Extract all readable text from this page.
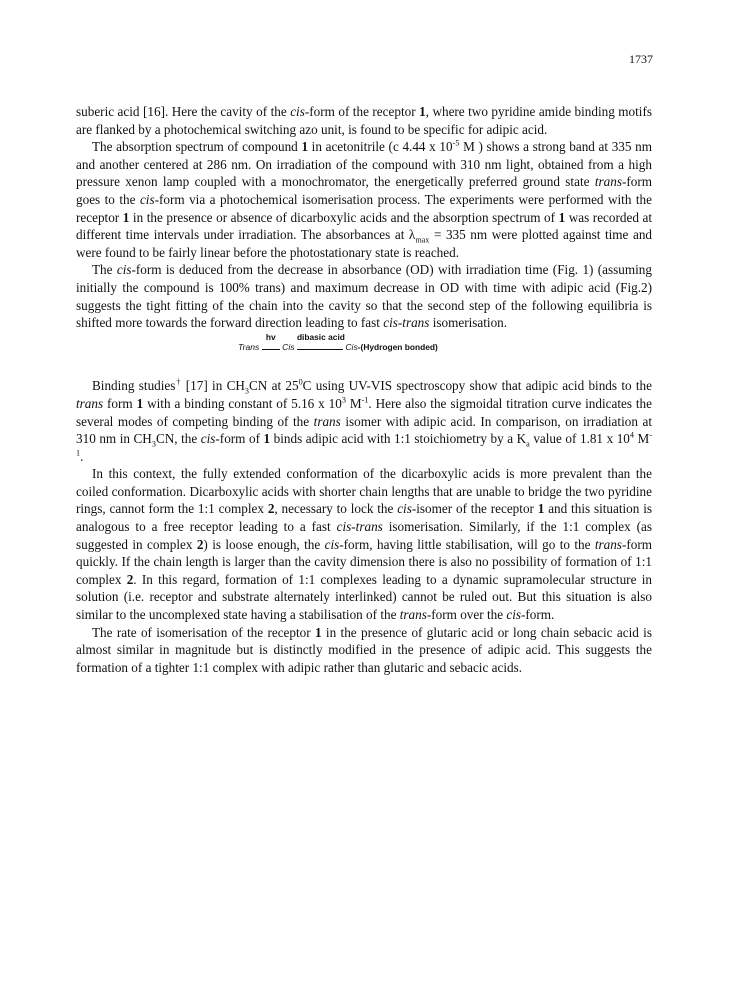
1737

suberic acid [16]. Here the cavity of the cis-form of the receptor 1, where two pyridine amide binding motifs are flanked by a photochemical switching azo unit, is found to be specific for adipic acid.

The absorption spectrum of compound 1 in acetonitrile (c 4.44 x $10^{-5}$ M ) shows a strong band at 335 nm and another centered at 286 nm. On irradiation of the compound with 310 nm light, obtained from a high pressure xenon lamp coupled with a monochromator, the energetically preferred ground state trans-form goes to the cis-form via a photochemical isomerisation process. The experiments were performed with the receptor 1 in the presence or absence of dicarboxylic acids and the absorption spectrum of 1 was recorded at different time intervals under irradiation. The absorbances at $\lambda_{max} = 335$ nm were plotted against time and were found to be fairly linear before the photostationary state is reached.

The cis-form is deduced from the decrease in absorbance (OD) with irradiation time (Fig. 1) (assuming initially the compound is 100% trans) and maximum decrease in OD with time with adipic acid (Fig.2) suggests the tight fitting of the chain into the cavity so that the second step of the following equilibria is shifted more towards the forward direction leading to fast cis-trans isomerisation.

Trans
hv
Cis
dibasic acid
Cis-(Hydrogen bonded)

Binding studies† [17] in $CH_3CN$ at $25^0C$ using UV-VIS spectroscopy show that adipic acid binds to the trans form 1 with a binding constant of 5.16 x $10^3$ $M^{-1}$. Here also the sigmoidal titration curve indicates the several modes of competing binding of the trans isomer with adipic acid. In comparison, on irradiation at 310 nm in $CH_3CN$, the cis-form of 1 binds adipic acid with 1:1 stoichiometry by a $K_a$ value of 1.81 x $10^4$ $M^{-1}$.

In this context, the fully extended conformation of the dicarboxylic acids is more prevalent than the coiled conformation. Dicarboxylic acids with shorter chain lengths that are unable to bridge the two pyridine rings, cannot form the 1:1 complex 2, necessary to lock the cis-isomer of the receptor 1 and this situation is analogous to a free receptor leading to a fast cis-trans isomerisation. Similarly, if the 1:1 complex (as suggested in complex 2) is loose enough, the cis-form, having little stabilisation, will go to the trans-form quickly. If the chain length is larger than the cavity dimension there is also no possibility of formation of 1:1 complex 2. In this regard, formation of 1:1 complexes leading to a dynamic supramolecular structure in solution (i.e. receptor and substrate alternately interlinked) cannot be ruled out. But this situation is also similar to the uncomplexed state having a stabilisation of the trans-form over the cis-form.

The rate of isomerisation of the receptor 1 in the presence of glutaric acid or long chain sebacic acid is almost similar in magnitude but is distinctly modified in the presence of adipic acid. This suggests the formation of a tighter 1:1 complex with adipic rather than glutaric and sebacic acids.
